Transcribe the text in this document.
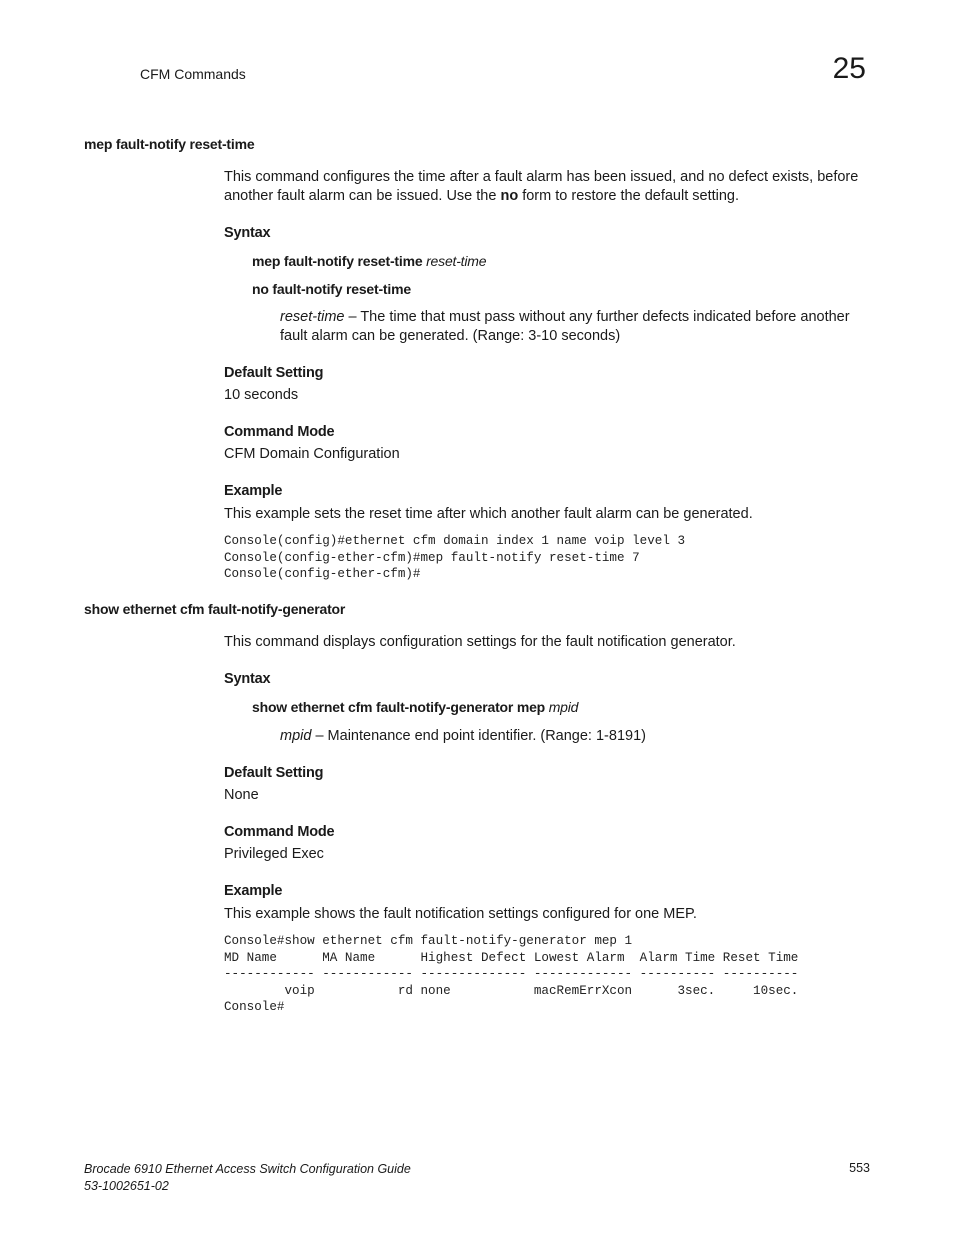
CFM Commands	25
mep fault-notify reset-time
This command configures the time after a fault alarm has been issued, and no defect exists, before another fault alarm can be issued. Use the no form to restore the default setting.
Syntax
mep fault-notify reset-time reset-time
no fault-notify reset-time
reset-time – The time that must pass without any further defects indicated before another fault alarm can be generated. (Range: 3-10 seconds)
Default Setting
10 seconds
Command Mode
CFM Domain Configuration
Example
This example sets the reset time after which another fault alarm can be generated.
Console(config)#ethernet cfm domain index 1 name voip level 3
Console(config-ether-cfm)#mep fault-notify reset-time 7
Console(config-ether-cfm)#
show ethernet cfm fault-notify-generator
This command displays configuration settings for the fault notification generator.
Syntax
show ethernet cfm fault-notify-generator mep mpid
mpid – Maintenance end point identifier. (Range: 1-8191)
Default Setting
None
Command Mode
Privileged Exec
Example
This example shows the fault notification settings configured for one MEP.
Console#show ethernet cfm fault-notify-generator mep 1
MD Name      MA Name      Highest Defect Lowest Alarm  Alarm Time Reset Time
------------ ------------ -------------- ------------- ---------- ----------
voip           rd none           macRemErrXcon      3sec.     10sec.
Console#
Brocade 6910 Ethernet Access Switch Configuration Guide
53-1002651-02
553
